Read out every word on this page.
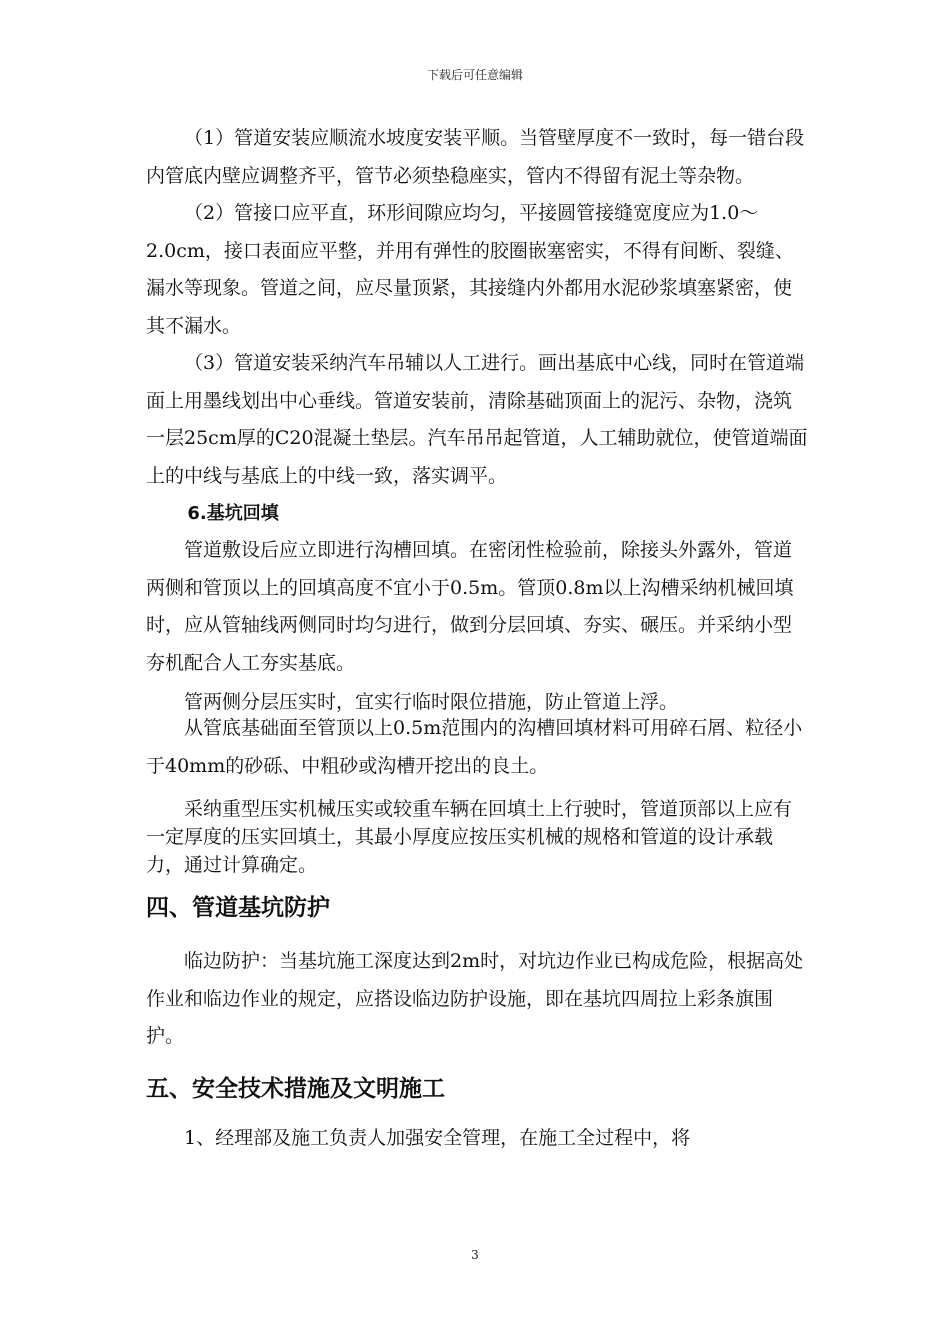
下载后可任意编辑

（1）管道安装应顺流水坡度安装平顺。当管壁厚度不一致时，每一错台段内管底内壁应调整齐平，管节必须垫稳座实，管内不得留有泥土等杂物。

（2）管接口应平直，环形间隙应均匀，平接圆管接缝宽度应为1.0～2.0cm，接口表面应平整，并用有弹性的胶圈嵌塞密实，不得有间断、裂缝、漏水等现象。管道之间，应尽量顶紧，其接缝内外都用水泥砂浆填塞紧密，使其不漏水。

（3）管道安装采纳汽车吊辅以人工进行。画出基底中心线，同时在管道端面上用墨线划出中心垂线。管道安装前，清除基础顶面上的泥污、杂物，浇筑一层25cm厚的C20混凝土垫层。汽车吊吊起管道，人工辅助就位，使管道端面上的中线与基底上的中线一致，落实调平。

6.基坑回填

管道敷设后应立即进行沟槽回填。在密闭性检验前，除接头外露外，管道两侧和管顶以上的回填高度不宜小于0.5m。管顶0.8m以上沟槽采纳机械回填时，应从管轴线两侧同时均匀进行，做到分层回填、夯实、碾压。并采纳小型夯机配合人工夯实基底。

管两侧分层压实时，宜实行临时限位措施，防止管道上浮。

从管底基础面至管顶以上0.5m范围内的沟槽回填材料可用碎石屑、粒径小于40mm的砂砾、中粗砂或沟槽开挖出的良土。

采纳重型压实机械压实或较重车辆在回填土上行驶时，管道顶部以上应有一定厚度的压实回填土，其最小厚度应按压实机械的规格和管道的设计承载力，通过计算确定。

四、管道基坑防护

临边防护：当基坑施工深度达到2m时，对坑边作业已构成危险，根据高处作业和临边作业的规定，应搭设临边防护设施，即在基坑四周拉上彩条旗围护。

五、安全技术措施及文明施工

1、经理部及施工负责人加强安全管理，在施工全过程中，将

3
